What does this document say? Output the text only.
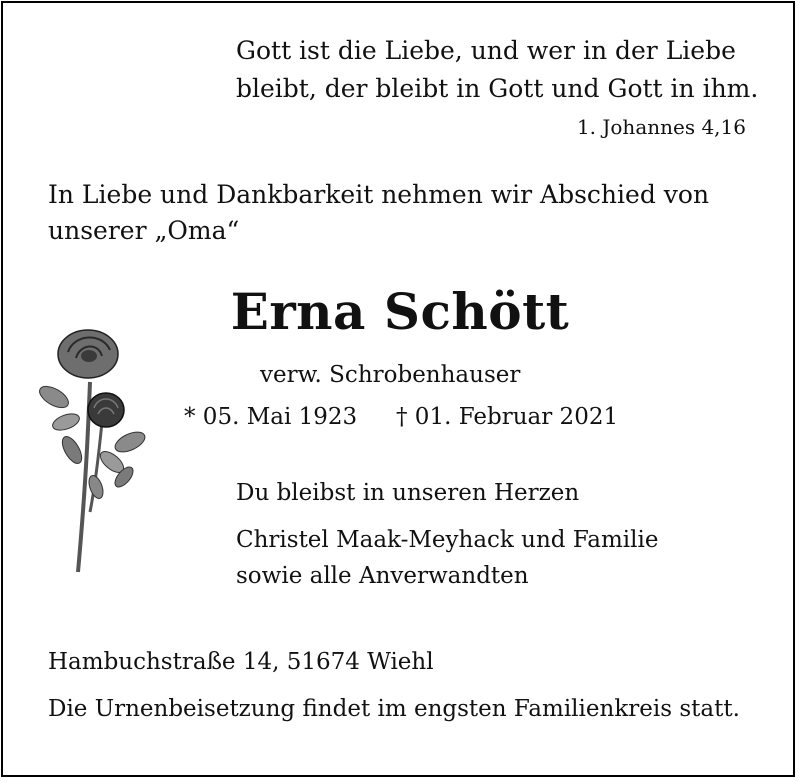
Gott ist die Liebe, und wer in der Liebe
bleibt, der bleibt in Gott und Gott in ihm.
1. Johannes 4,16
In Liebe und Dankbarkeit nehmen wir Abschied von
unserer „Oma“
Erna Schött
verw. Schrobenhauser
* 05. Mai 1923 † 01. Februar 2021
Du bleibst in unseren Herzen
Christel Maak-Meyhack und Familie
sowie alle Anverwandten
Hambuchstraße 14, 51674 Wiehl
Die Urnenbeisetzung findet im engsten Familienkreis statt.
